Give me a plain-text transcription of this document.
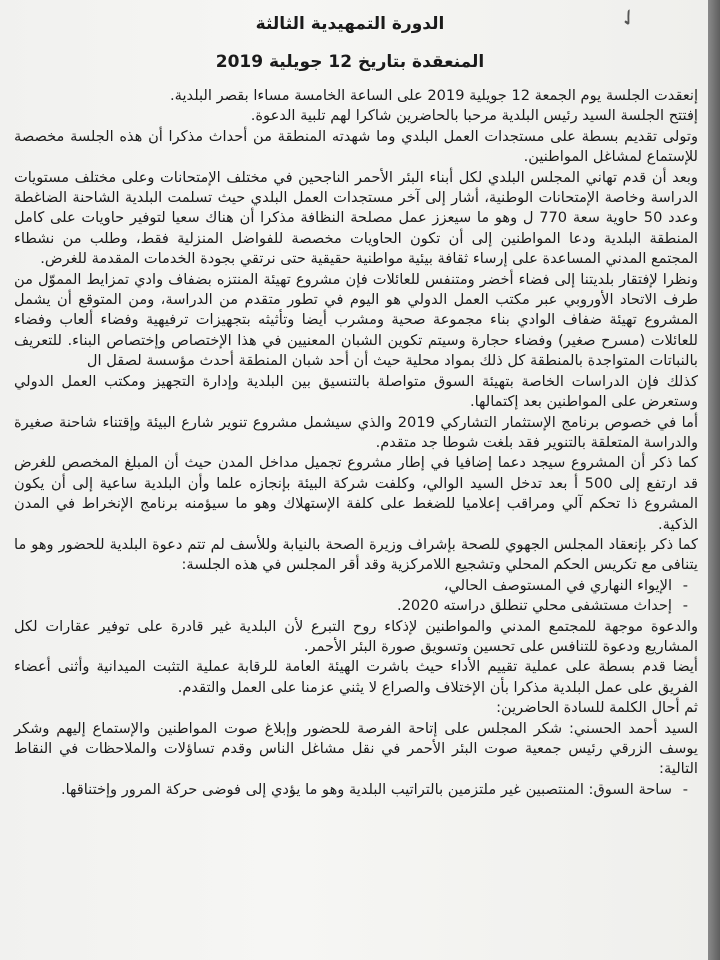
✓
الدورة التمهيدية الثالثة
المنعقدة بتاريخ 12 جويلية 2019

إنعقدت الجلسة يوم الجمعة 12 جويلية 2019 على الساعة الخامسة مساءا بقصر البلدية.

إفتتح الجلسة السيد رئيس البلدية مرحبا بالحاضرين شاكرا لهم تلبية الدعوة.

وتولى تقديم بسطة على مستجدات العمل البلدي وما شهدته المنطقة من أحداث مذكرا أن هذه الجلسة مخصصة للإستماع لمشاغل المواطنين.

وبعد أن قدم تهاني المجلس البلدي لكل أبناء البئر الأحمر الناجحين في مختلف الإمتحانات وعلى مختلف مستويات الدراسة وخاصة الإمتحانات الوطنية، أشار إلى آخر مستجدات العمل البلدي حيث تسلمت البلدية الشاحنة الضاغطة وعدد 50 حاوية سعة 770 ل وهو ما سيعزز عمل مصلحة النظافة مذكرا أن هناك سعيا لتوفير حاويات على كامل المنطقة البلدية ودعا المواطنين إلى أن تكون الحاويات مخصصة للفواضل المنزلية فقط، وطلب من نشطاء المجتمع المدني المساعدة على إرساء ثقافة بيئية مواطنية حقيقية حتى نرتقي بجودة الخدمات المقدمة للغرض.

ونظرا لإفتقار بلديتنا إلى فضاء أخضر ومتنفس للعائلات فإن مشروع تهيئة المنتزه بضفاف وادي تمزايط المموّل من طرف الاتحاد الأوروبي عبر مكتب العمل الدولي هو اليوم في تطور متقدم من الدراسة، ومن المتوقع أن يشمل المشروع تهيئة ضفاف الوادي بناء مجموعة صحية ومشرب أيضا وتأثيثه بتجهيزات ترفيهية وفضاء ألعاب وفضاء للعائلات (مسرح صغير) وفضاء حجارة وسيتم تكوين الشبان المعنيين في هذا الإختصاص وإختصاص البناء. للتعريف بالنباتات المتواجدة بالمنطقة كل ذلك بمواد محلية حيث أن أحد شبان المنطقة أحدث مؤسسة لصقل ال

كذلك فإن الدراسات الخاصة بتهيئة السوق متواصلة بالتنسيق بين البلدية وإدارة التجهيز ومكتب العمل الدولي وستعرض على المواطنين بعد إكتمالها.

أما في خصوص برنامج الإستثمار التشاركي 2019 والذي سيشمل مشروع تنوير شارع البيئة وإقتناء شاحنة صغيرة والدراسة المتعلقة بالتنوير فقد بلغت شوطا جد متقدم.

كما ذكر أن المشروع سيجد دعما إضافيا في إطار مشروع تجميل مداخل المدن حيث أن المبلغ المخصص للغرض قد ارتفع إلى 500 أ بعد تدخل السيد الوالي، وكلفت شركة البيئة بإنجازه علما وأن البلدية ساعية إلى أن يكون المشروع ذا تحكم آلي ومراقب إعلاميا للضغط على كلفة الإستهلاك وهو ما سيؤمنه برنامج الإنخراط في المدن الذكية.

كما ذكر بإنعقاد المجلس الجهوي للصحة بإشراف وزيرة الصحة بالنيابة وللأسف لم تتم دعوة البلدية للحضور وهو ما يتنافى مع تكريس الحكم المحلي وتشجيع اللامركزية وقد أقر المجلس في هذه الجلسة:

- الإيواء النهاري في المستوصف الحالي،
- إحداث مستشفى محلي تنطلق دراسته 2020.

والدعوة موجهة للمجتمع المدني والمواطنين لإذكاء روح التبرع لأن البلدية غير قادرة على توفير عقارات لكل المشاريع ودعوة للتنافس على تحسين وتسويق صورة البئر الأحمر.

أيضا قدم بسطة على عملية تقييم الأداء حيث باشرت الهيئة العامة للرقابة عملية التثبت الميدانية وأثنى أعضاء الفريق على عمل البلدية مذكرا بأن الإختلاف والصراع لا يثني عزمنا على العمل والتقدم.

ثم أحال الكلمة للسادة الحاضرين:

السيد أحمد الحسني: شكر المجلس على إتاحة الفرصة للحضور وإبلاغ صوت المواطنين والإستماع إليهم وشكر يوسف الزرقي رئيس جمعية صوت البئر الأحمر في نقل مشاغل الناس وقدم تساؤلات والملاحظات في النقاط التالية:

- ساحة السوق: المنتصبين غير ملتزمين بالتراتيب البلدية وهو ما يؤدي إلى فوضى حركة المرور وإختناقها.
